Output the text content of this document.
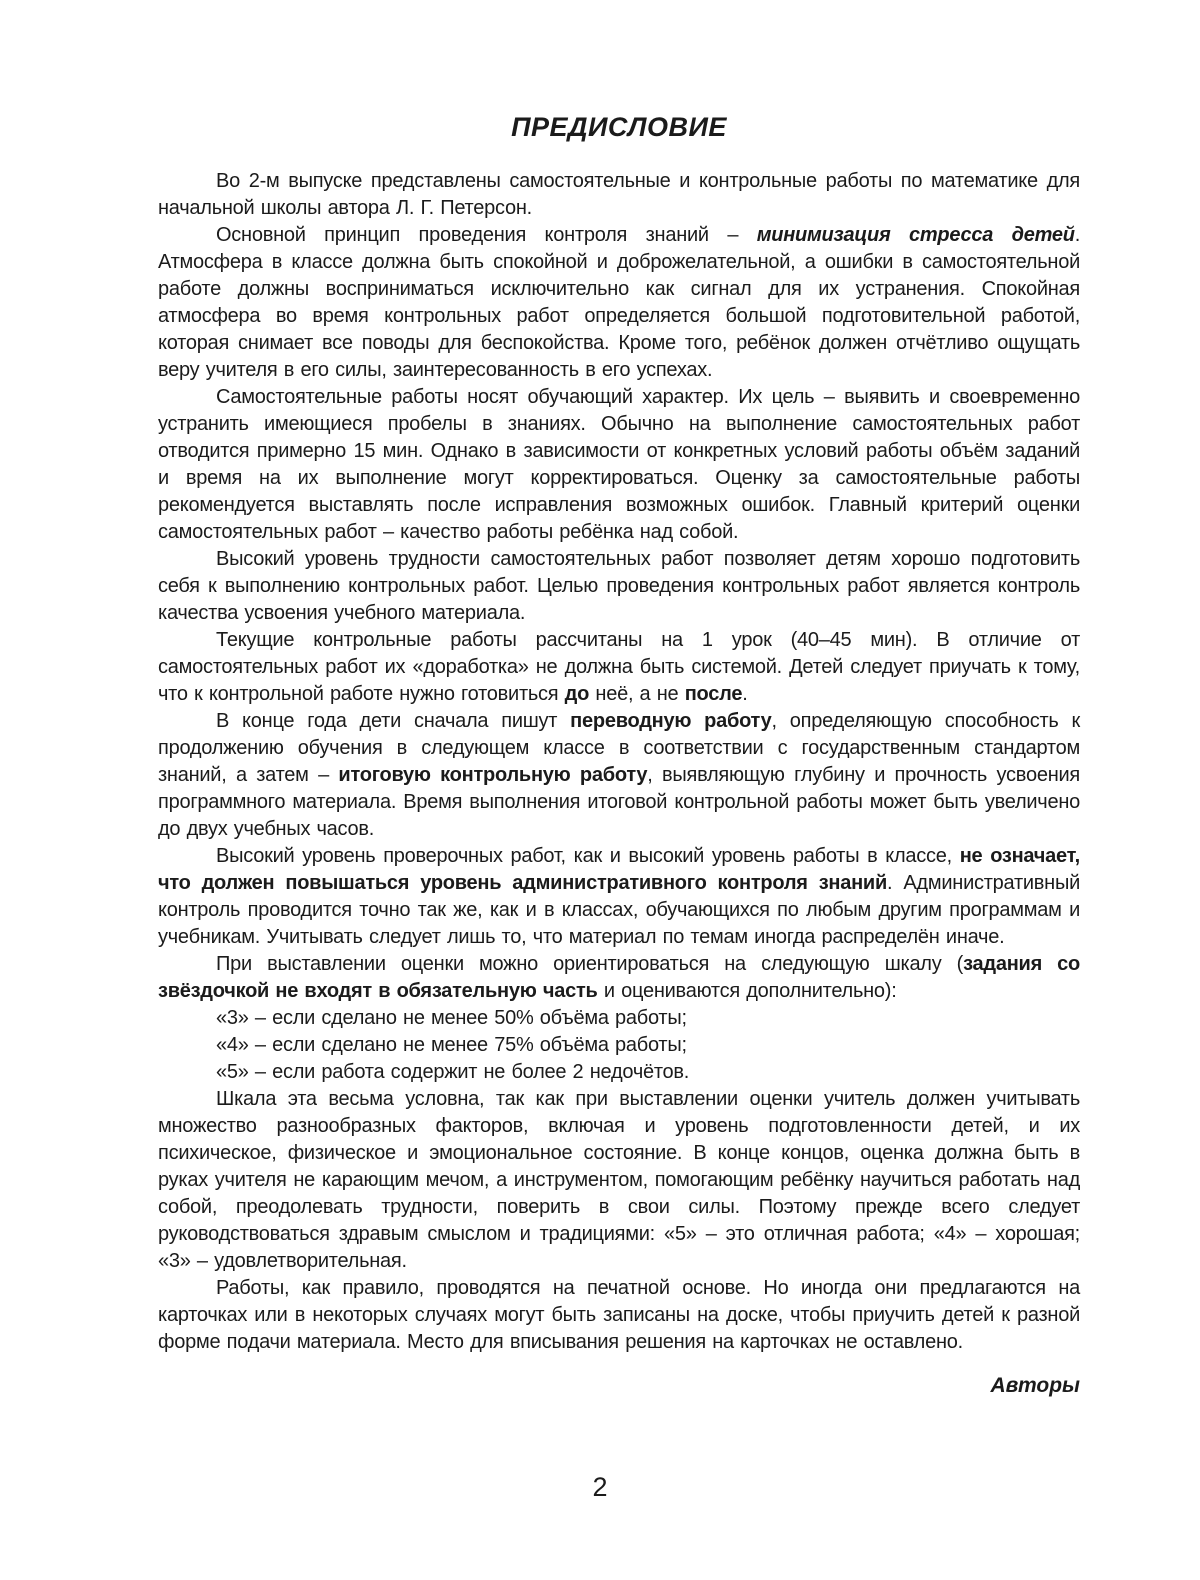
ПРЕДИСЛОВИЕ

Во 2-м выпуске представлены самостоятельные и контрольные работы по математике для начальной школы автора Л. Г. Петерсон.

Основной принцип проведения контроля знаний – минимизация стресса детей. Атмосфера в классе должна быть спокойной и доброжелательной, а ошибки в самостоятельной работе должны восприниматься исключительно как сигнал для их устранения. Спокойная атмосфера во время контрольных работ определяется большой подготовительной работой, которая снимает все поводы для беспокойства. Кроме того, ребёнок должен отчётливо ощущать веру учителя в его силы, заинтересованность в его успехах.

Самостоятельные работы носят обучающий характер. Их цель – выявить и своевременно устранить имеющиеся пробелы в знаниях. Обычно на выполнение самостоятельных работ отводится примерно 15 мин. Однако в зависимости от конкретных условий работы объём заданий и время на их выполнение могут корректироваться. Оценку за самостоятельные работы рекомендуется выставлять после исправления возможных ошибок. Главный критерий оценки самостоятельных работ – качество работы ребёнка над собой.

Высокий уровень трудности самостоятельных работ позволяет детям хорошо подготовить себя к выполнению контрольных работ. Целью проведения контрольных работ является контроль качества усвоения учебного материала.

Текущие контрольные работы рассчитаны на 1 урок (40–45 мин). В отличие от самостоятельных работ их «доработка» не должна быть системой. Детей следует приучать к тому, что к контрольной работе нужно готовиться до неё, а не после.

В конце года дети сначала пишут переводную работу, определяющую способность к продолжению обучения в следующем классе в соответствии с государственным стандартом знаний, а затем – итоговую контрольную работу, выявляющую глубину и прочность усвоения программного материала. Время выполнения итоговой контрольной работы может быть увеличено до двух учебных часов.

Высокий уровень проверочных работ, как и высокий уровень работы в классе, не означает, что должен повышаться уровень административного контроля знаний. Административный контроль проводится точно так же, как и в классах, обучающихся по любым другим программам и учебникам. Учитывать следует лишь то, что материал по темам иногда распределён иначе.

При выставлении оценки можно ориентироваться на следующую шкалу (задания со звёздочкой не входят в обязательную часть и оцениваются дополнительно):

«3» – если сделано не менее 50% объёма работы;

«4» – если сделано не менее 75% объёма работы;

«5» – если работа содержит не более 2 недочётов.

Шкала эта весьма условна, так как при выставлении оценки учитель должен учитывать множество разнообразных факторов, включая и уровень подготовленности детей, и их психическое, физическое и эмоциональное состояние. В конце концов, оценка должна быть в руках учителя не карающим мечом, а инструментом, помогающим ребёнку научиться работать над собой, преодолевать трудности, поверить в свои силы. Поэтому прежде всего следует руководствоваться здравым смыслом и традициями: «5» – это отличная работа; «4» – хорошая; «3» – удовлетворительная.

Работы, как правило, проводятся на печатной основе. Но иногда они предлагаются на карточках или в некоторых случаях могут быть записаны на доске, чтобы приучить детей к разной форме подачи материала. Место для вписывания решения на карточках не оставлено.

Авторы

2
